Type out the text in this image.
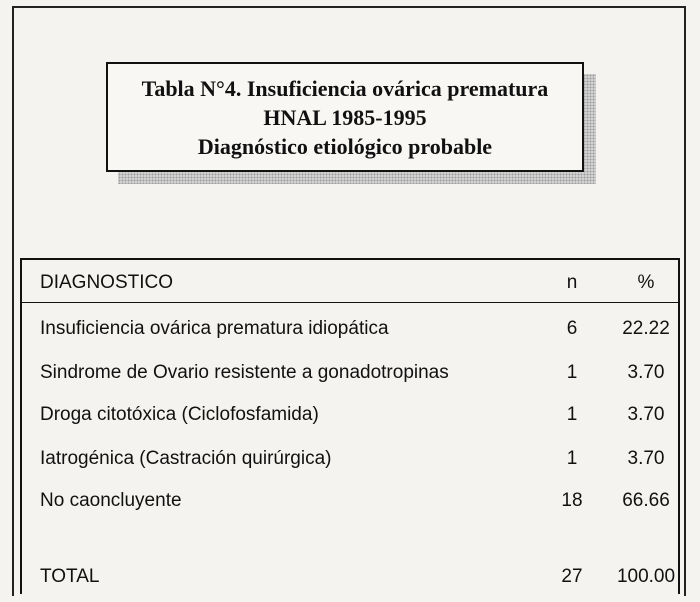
Tabla N°4. Insuficiencia ovárica prematura
HNAL 1985-1995
Diagnóstico etiológico probable
DIAGNOSTICO	n	%
Insuficiencia ovárica prematura idiopática	6	22.22
Sindrome de Ovario resistente a gonadotropinas	1	3.70
Droga citotóxica (Ciclofosfamida)	1	3.70
Iatrogénica (Castración quirúrgica)	1	3.70
No caoncluyente	18	66.66
TOTAL	27	100.00
